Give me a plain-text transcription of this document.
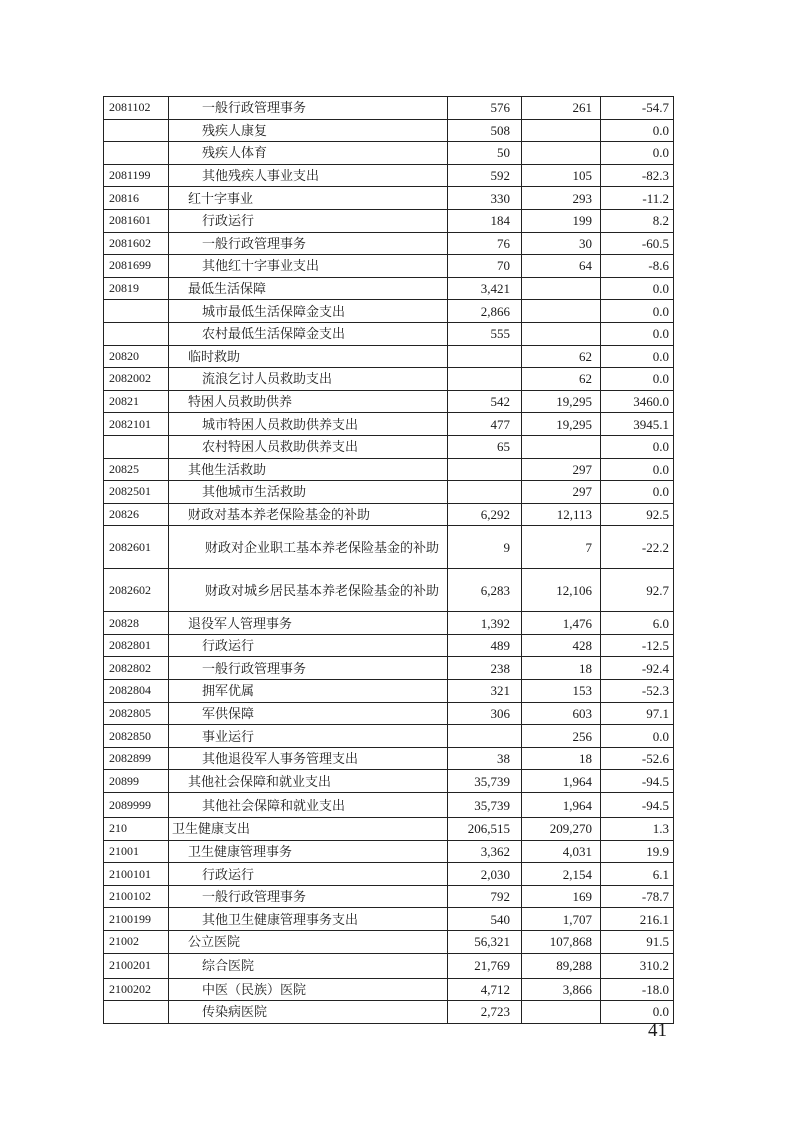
2081102	一般行政管理事务	576	261	-54.7
	残疾人康复	508		0.0
	残疾人体育	50		0.0
2081199	其他残疾人事业支出	592	105	-82.3
20816	红十字事业	330	293	-11.2
2081601	行政运行	184	199	8.2
2081602	一般行政管理事务	76	30	-60.5
2081699	其他红十字事业支出	70	64	-8.6
20819	最低生活保障	3,421		0.0
	城市最低生活保障金支出	2,866		0.0
	农村最低生活保障金支出	555		0.0
20820	临时救助		62	0.0
2082002	流浪乞讨人员救助支出		62	0.0
20821	特困人员救助供养	542	19,295	3460.0
2082101	城市特困人员救助供养支出	477	19,295	3945.1
	农村特困人员救助供养支出	65		0.0
20825	其他生活救助		297	0.0
2082501	其他城市生活救助		297	0.0
20826	财政对基本养老保险基金的补助	6,292	12,113	92.5
2082601	财政对企业职工基本养老保险基金的补助	9	7	-22.2
2082602	财政对城乡居民基本养老保险基金的补助	6,283	12,106	92.7
20828	退役军人管理事务	1,392	1,476	6.0
2082801	行政运行	489	428	-12.5
2082802	一般行政管理事务	238	18	-92.4
2082804	拥军优属	321	153	-52.3
2082805	军供保障	306	603	97.1
2082850	事业运行		256	0.0
2082899	其他退役军人事务管理支出	38	18	-52.6
20899	其他社会保障和就业支出	35,739	1,964	-94.5
2089999	其他社会保障和就业支出	35,739	1,964	-94.5
210	卫生健康支出	206,515	209,270	1.3
21001	卫生健康管理事务	3,362	4,031	19.9
2100101	行政运行	2,030	2,154	6.1
2100102	一般行政管理事务	792	169	-78.7
2100199	其他卫生健康管理事务支出	540	1,707	216.1
21002	公立医院	56,321	107,868	91.5
2100201	综合医院	21,769	89,288	310.2
2100202	中医（民族）医院	4,712	3,866	-18.0
	传染病医院	2,723		0.0
41
